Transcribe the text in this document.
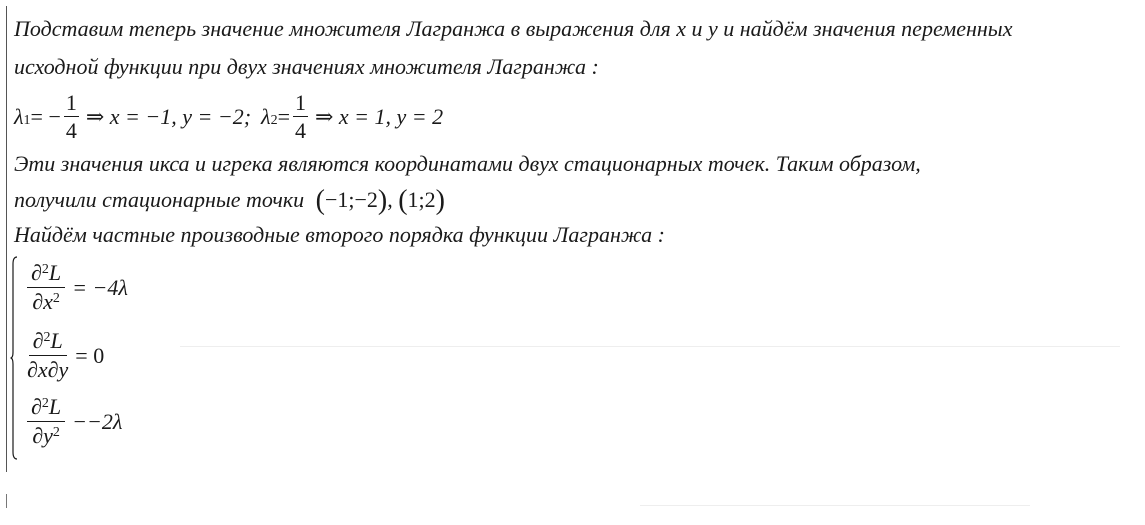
Подставим теперь значение множителя Лагранжа в выражения для x и y и найдём значения переменных
исходной функции при двух значениях множителя Лагранжа :
$\lambda_1$ = − $\frac{1}{4}$ ⇒ x = −1, y = −2; $\lambda_2 = \frac{1}{4}$ ⇒ x = 1, y = 2
Эти значения икса и игрека являются координатами двух стационарных точек. Таким образом,
получили стационарные точки (−1;−2), (1;2)
Найдём частные производные второго порядка функции Лагранжа :
$\frac{\partial^2L}{\partial x^2} = -4\lambda$
$\frac{\partial^2L}{\partial x\partial y} = 0$
$\frac{\partial^2L}{\partial y^2} --2\lambda$
